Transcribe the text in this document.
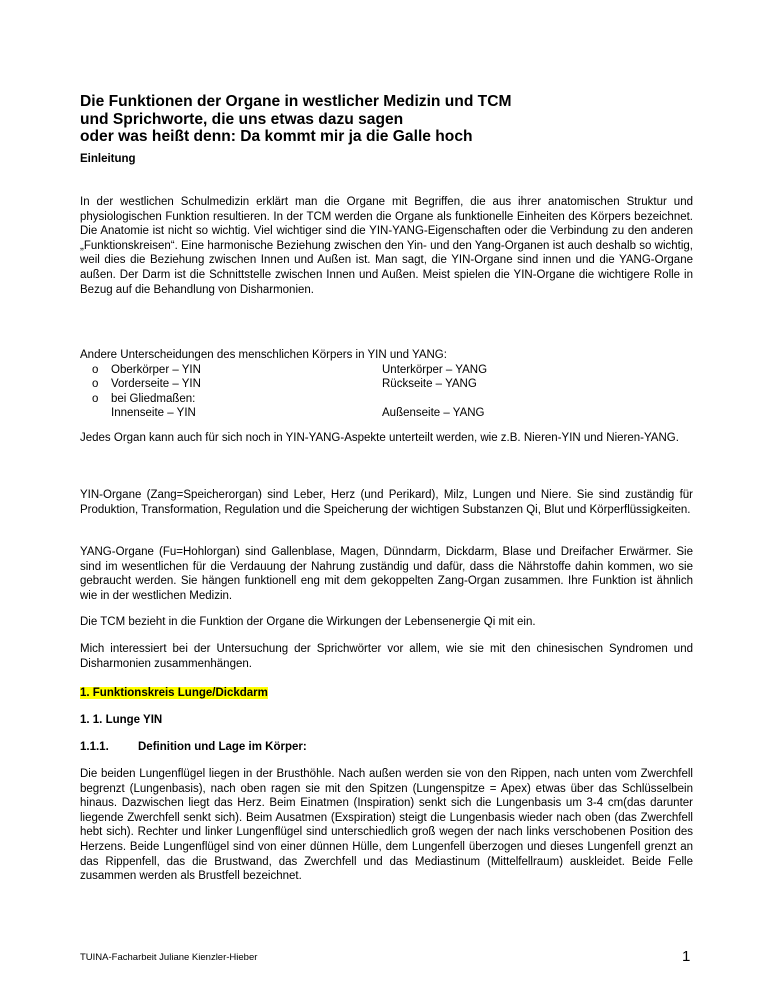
Die Funktionen der Organe in westlicher Medizin und TCM
und Sprichworte, die uns etwas dazu sagen
oder was heißt denn: Da kommt mir ja die Galle hoch

Einleitung

In der westlichen Schulmedizin erklärt man die Organe mit Begriffen, die aus ihrer anatomischen Struktur und physiologischen Funktion resultieren. In der TCM werden die Organe als funktionelle Einheiten des Körpers bezeichnet. Die Anatomie ist nicht so wichtig. Viel wichtiger sind die YIN-YANG-Eigenschaften oder die Verbindung zu den anderen „Funktionskreisen“. Eine harmonische Beziehung zwischen den Yin- und den Yang-Organen ist auch deshalb so wichtig, weil dies die Beziehung zwischen Innen und Außen ist. Man sagt, die YIN-Organe sind innen und die YANG-Organe außen. Der Darm ist die Schnittstelle zwischen Innen und Außen. Meist spielen die YIN-Organe die wichtigere Rolle in Bezug auf die Behandlung von Disharmonien.

Andere Unterscheidungen des menschlichen Körpers in YIN und YANG:
o Oberkörper – YIN	Unterkörper – YANG
o Vorderseite – YIN	Rückseite – YANG
o bei Gliedmaßen:
Innenseite – YIN	Außenseite – YANG

Jedes Organ kann auch für sich noch in YIN-YANG-Aspekte unterteilt werden, wie z.B. Nieren-YIN und Nieren-YANG.

YIN-Organe (Zang=Speicherorgan) sind Leber, Herz (und Perikard), Milz, Lungen und Niere. Sie sind zuständig für Produktion, Transformation, Regulation und die Speicherung der wichtigen Substanzen Qi, Blut und Körperflüssigkeiten.

YANG-Organe (Fu=Hohlorgan) sind Gallenblase, Magen, Dünndarm, Dickdarm, Blase und Dreifacher Erwärmer. Sie sind im wesentlichen für die Verdauung der Nahrung zuständig und dafür, dass die Nährstoffe dahin kommen, wo sie gebraucht werden. Sie hängen funktionell eng mit dem gekoppelten Zang-Organ zusammen. Ihre Funktion ist ähnlich wie in der westlichen Medizin.

Die TCM bezieht in die Funktion der Organe die Wirkungen der Lebensenergie Qi mit ein.

Mich interessiert bei der Untersuchung der Sprichwörter vor allem, wie sie mit den chinesischen Syndromen und Disharmonien zusammenhängen.

1. Funktionskreis Lunge/Dickdarm

1. 1. Lunge YIN

1.1.1.	Definition und Lage im Körper:

Die beiden Lungenflügel liegen in der Brusthöhle. Nach außen werden sie von den Rippen, nach unten vom Zwerchfell begrenzt (Lungenbasis), nach oben ragen sie mit den Spitzen (Lungenspitze = Apex) etwas über das Schlüsselbein hinaus. Dazwischen liegt das Herz. Beim Einatmen (Inspiration) senkt sich die Lungenbasis um 3-4 cm(das darunter liegende Zwerchfell senkt sich). Beim Ausatmen (Exspiration) steigt die Lungenbasis wieder nach oben (das Zwerchfell hebt sich). Rechter und linker Lungenflügel sind unterschiedlich groß wegen der nach links verschobenen Position des Herzens. Beide Lungenflügel sind von einer dünnen Hülle, dem Lungenfell überzogen und dieses Lungenfell grenzt an das Rippenfell, das die Brustwand, das Zwerchfell und das Mediastinum (Mittelfellraum) auskleidet. Beide Felle zusammen werden als Brustfell bezeichnet.

TUINA-Facharbeit Juliane Kienzler-Hieber	1
